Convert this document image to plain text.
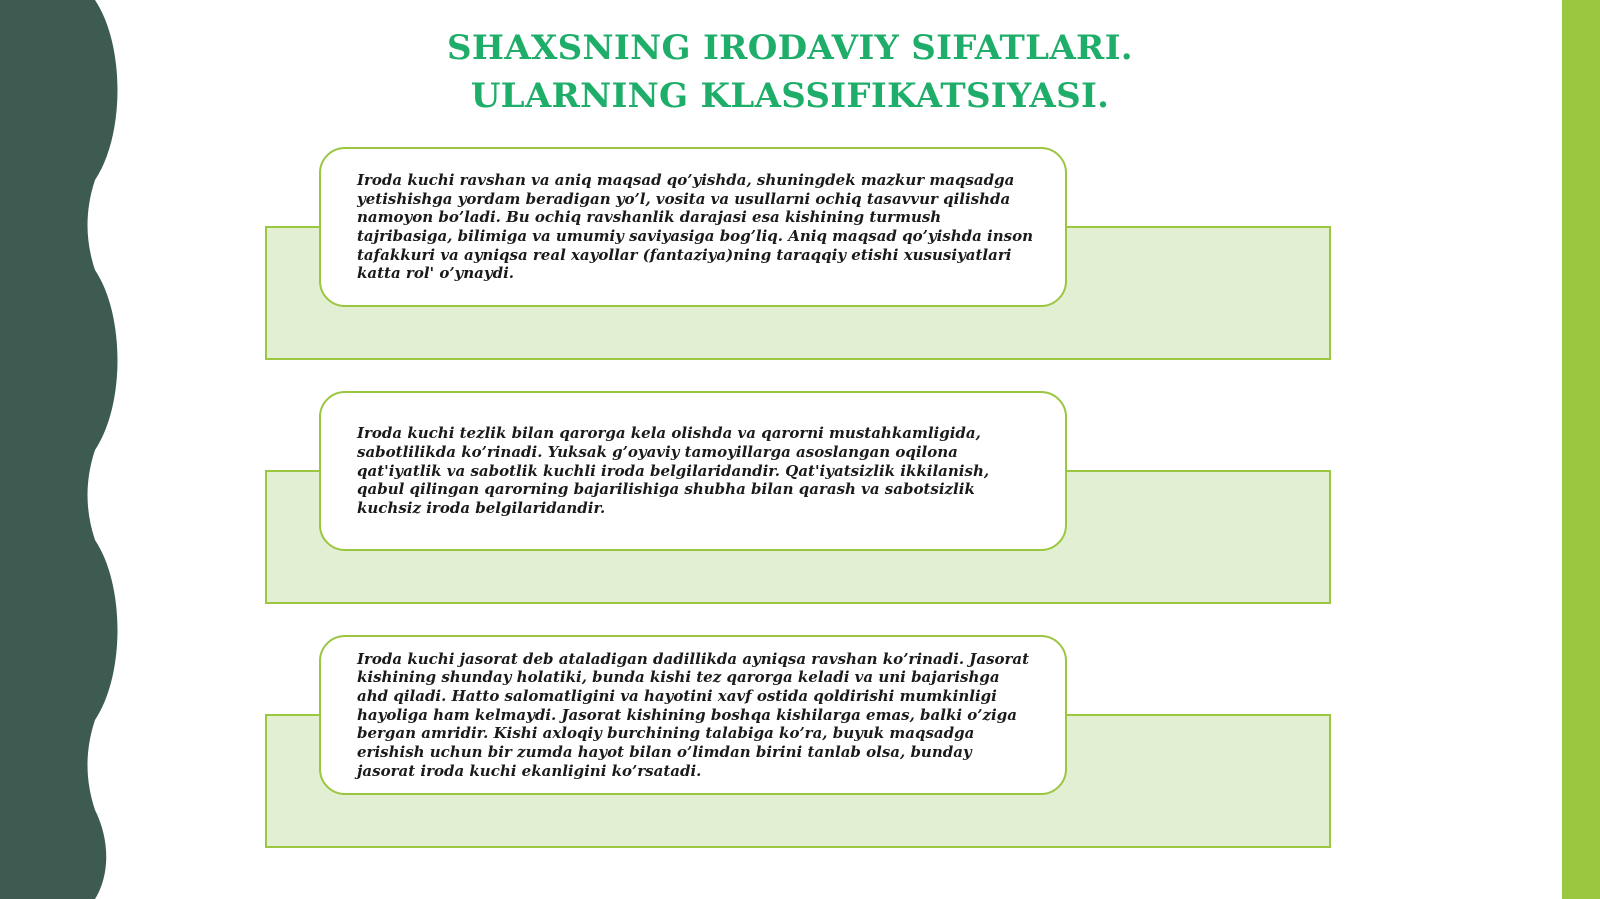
SHAXSNING IRODAVIY SIFATLARI.
ULARNING KLASSIFIKATSIYASI.

Iroda kuchi ravshan va aniq maqsad qo’yishda, shuningdek mazkur maqsadga yetishishga yordam beradigan yo’l, vosita va usullarni ochiq tasavvur qilishda namoyon bo’ladi. Bu ochiq ravshanlik darajasi esa kishining turmush tajribasiga, bilimiga va umumiy saviyasiga bog’liq. Aniq maqsad qo’yishda inson tafakkuri va ayniqsa real xayollar (fantaziya)ning taraqqiy etishi xususiyatlari katta rol' o’ynaydi.

Iroda kuchi tezlik bilan qarorga kela olishda va qarorni mustahkamligida, sabotlilikda ko’rinadi. Yuksak g’oyaviy tamoyillarga asoslangan oqilona qat'iyatlik va sabotlik kuchli iroda belgilaridandir. Qat'iyatsizlik ikkilanish, qabul qilingan qarorning bajarilishiga shubha bilan qarash va sabotsizlik kuchsiz iroda belgilaridandir.

Iroda kuchi jasorat deb ataladigan dadillikda ayniqsa ravshan ko’rinadi. Jasorat kishining shunday holatiki, bunda kishi tez qarorga keladi va uni bajarishga ahd qiladi. Hatto salomatligini va hayotini xavf ostida qoldirishi mumkinligi hayoliga ham kelmaydi. Jasorat kishining boshqa kishilarga emas, balki o’ziga bergan amridir. Kishi axloqiy burchining talabiga ko’ra, buyuk maqsadga erishish uchun bir zumda hayot bilan o’limdan birini tanlab olsa, bunday jasorat iroda kuchi ekanligini ko’rsatadi.
